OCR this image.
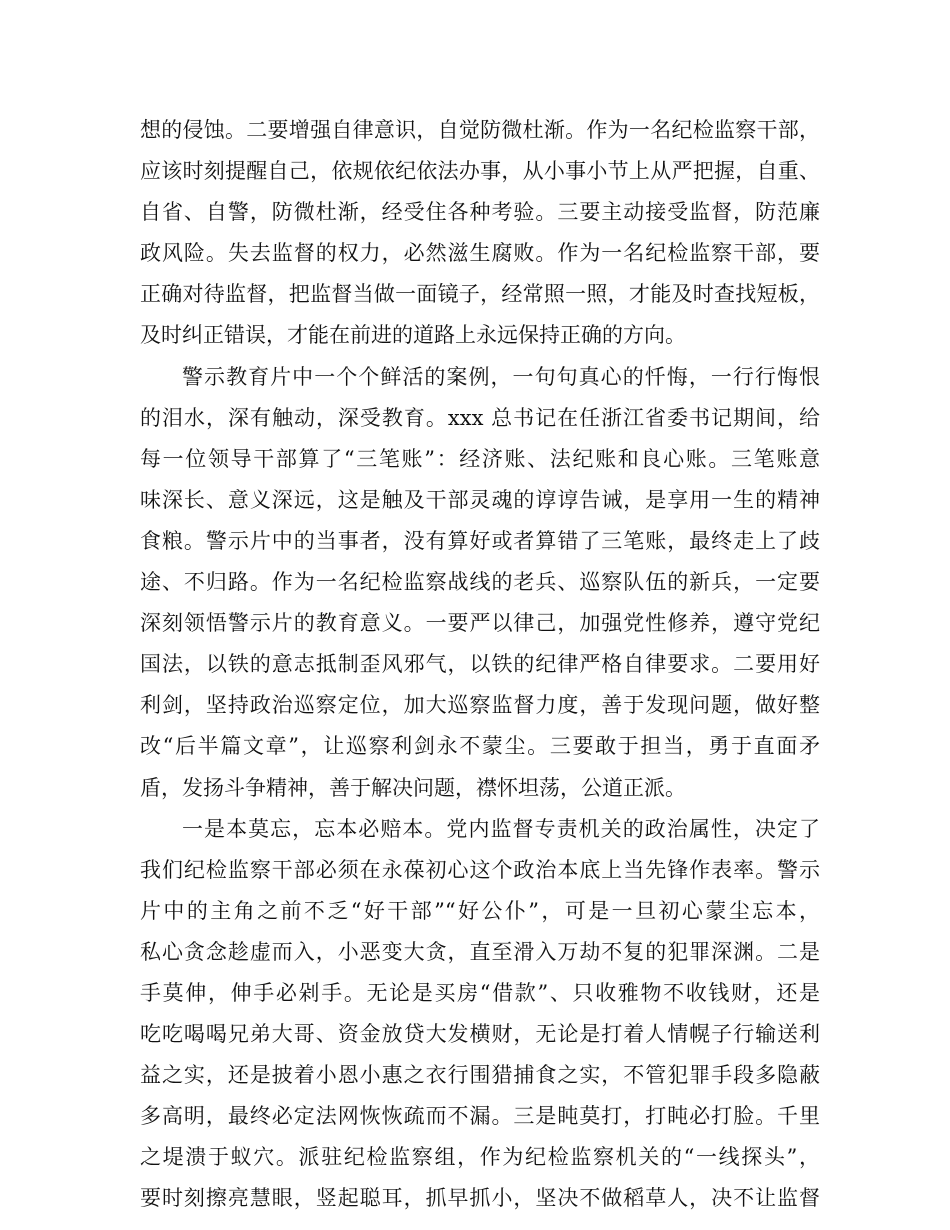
想的侵蚀。二要增强自律意识，自觉防微杜渐。作为一名纪检监察干部，
应该时刻提醒自己，依规依纪依法办事，从小事小节上从严把握，自重、
自省、自警，防微杜渐，经受住各种考验。三要主动接受监督，防范廉
政风险。失去监督的权力，必然滋生腐败。作为一名纪检监察干部，要
正确对待监督，把监督当做一面镜子，经常照一照，才能及时查找短板，
及时纠正错误，才能在前进的道路上永远保持正确的方向。
警示教育片中一个个鲜活的案例，一句句真心的忏悔，一行行悔恨
的泪水，深有触动，深受教育。xxx 总书记在任浙江省委书记期间，给
每一位领导干部算了“三笔账”：经济账、法纪账和良心账。三笔账意
味深长、意义深远，这是触及干部灵魂的谆谆告诫，是享用一生的精神
食粮。警示片中的当事者，没有算好或者算错了三笔账，最终走上了歧
途、不归路。作为一名纪检监察战线的老兵、巡察队伍的新兵，一定要
深刻领悟警示片的教育意义。一要严以律己，加强党性修养，遵守党纪
国法，以铁的意志抵制歪风邪气，以铁的纪律严格自律要求。二要用好
利剑，坚持政治巡察定位，加大巡察监督力度，善于发现问题，做好整
改“后半篇文章”，让巡察利剑永不蒙尘。三要敢于担当，勇于直面矛
盾，发扬斗争精神，善于解决问题，襟怀坦荡，公道正派。
一是本莫忘，忘本必赔本。党内监督专责机关的政治属性，决定了
我们纪检监察干部必须在永葆初心这个政治本底上当先锋作表率。警示
片中的主角之前不乏“好干部”“好公仆”，可是一旦初心蒙尘忘本，
私心贪念趁虚而入，小恶变大贪，直至滑入万劫不复的犯罪深渊。二是
手莫伸，伸手必剁手。无论是买房“借款”、只收雅物不收钱财，还是
吃吃喝喝兄弟大哥、资金放贷大发横财，无论是打着人情幌子行输送利
益之实，还是披着小恩小惠之衣行围猎捕食之实，不管犯罪手段多隐蔽
多高明，最终必定法网恢恢疏而不漏。三是盹莫打，打盹必打脸。千里
之堤溃于蚁穴。派驻纪检监察组，作为纪检监察机关的“一线探头”，
要时刻擦亮慧眼，竖起聪耳，抓早抓小，坚决不做稻草人，决不让监督
